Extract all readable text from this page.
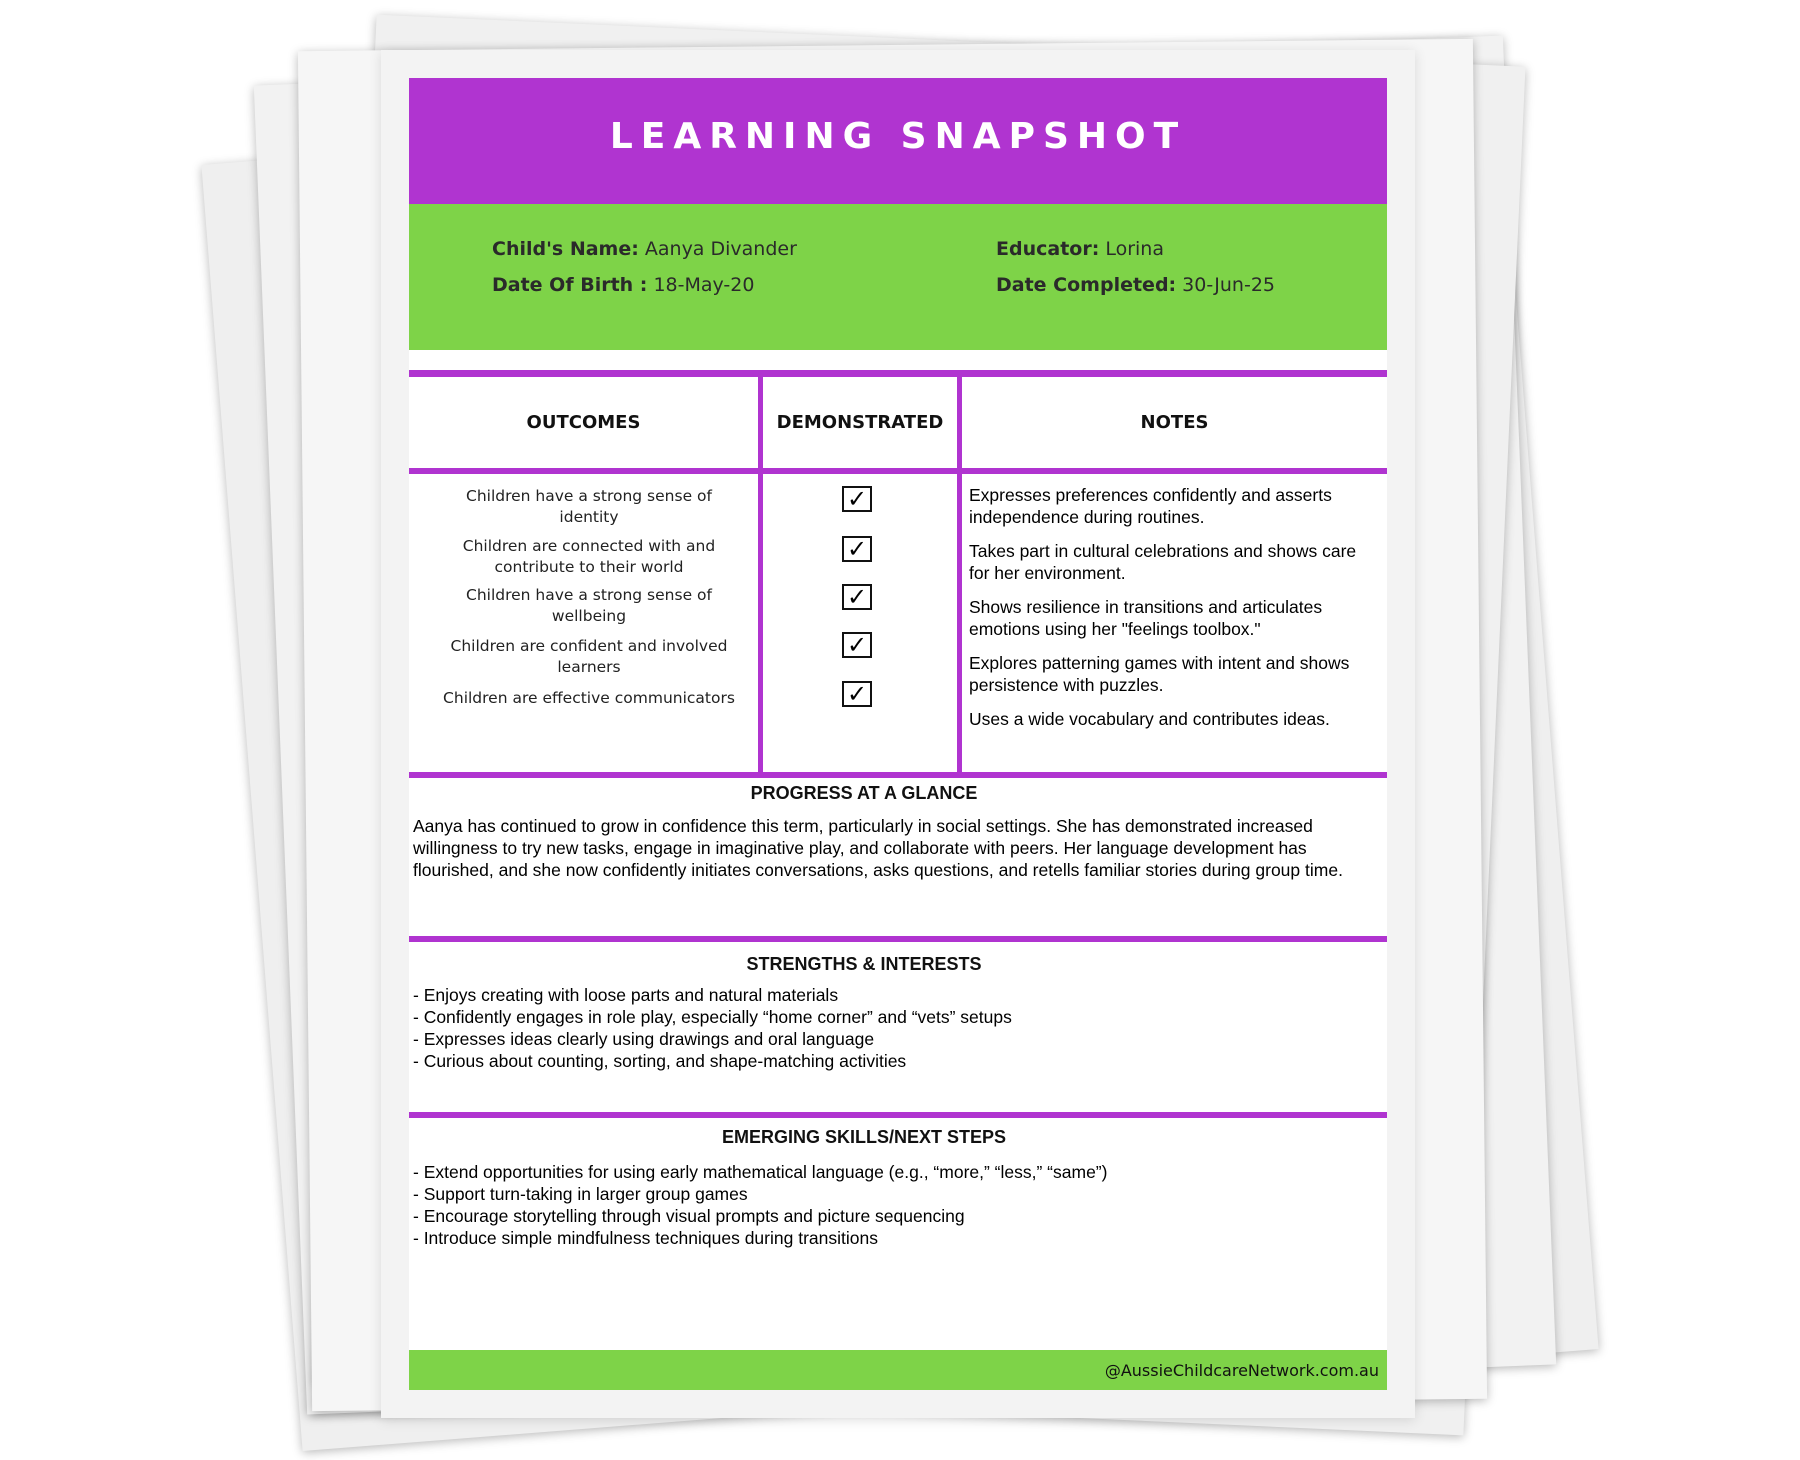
LEARNING SNAPSHOT
Child's Name: Aanya Divander
Date Of Birth : 18-May-20
Educator: Lorina
Date Completed: 30-Jun-25
OUTCOMES	DEMONSTRATED	NOTES
Children have a strong sense of identity
Children are connected with and contribute to their world
Children have a strong sense of wellbeing
Children are confident and involved learners
Children are effective communicators
✓
✓
✓
✓
✓
Expresses preferences confidently and asserts independence during routines.
Takes part in cultural celebrations and shows care for her environment.
Shows resilience in transitions and articulates emotions using her "feelings toolbox."
Explores patterning games with intent and shows persistence with puzzles.
Uses a wide vocabulary and contributes ideas.
PROGRESS AT A GLANCE
Aanya has continued to grow in confidence this term, particularly in social settings. She has demonstrated increased willingness to try new tasks, engage in imaginative play, and collaborate with peers. Her language development has flourished, and she now confidently initiates conversations, asks questions, and retells familiar stories during group time.
STRENGTHS & INTERESTS
- Enjoys creating with loose parts and natural materials
- Confidently engages in role play, especially “home corner” and “vets” setups
- Expresses ideas clearly using drawings and oral language
- Curious about counting, sorting, and shape-matching activities
EMERGING SKILLS/NEXT STEPS
- Extend opportunities for using early mathematical language (e.g., “more,” “less,” “same”)
- Support turn-taking in larger group games
- Encourage storytelling through visual prompts and picture sequencing
- Introduce simple mindfulness techniques during transitions
@AussieChildcareNetwork.com.au
